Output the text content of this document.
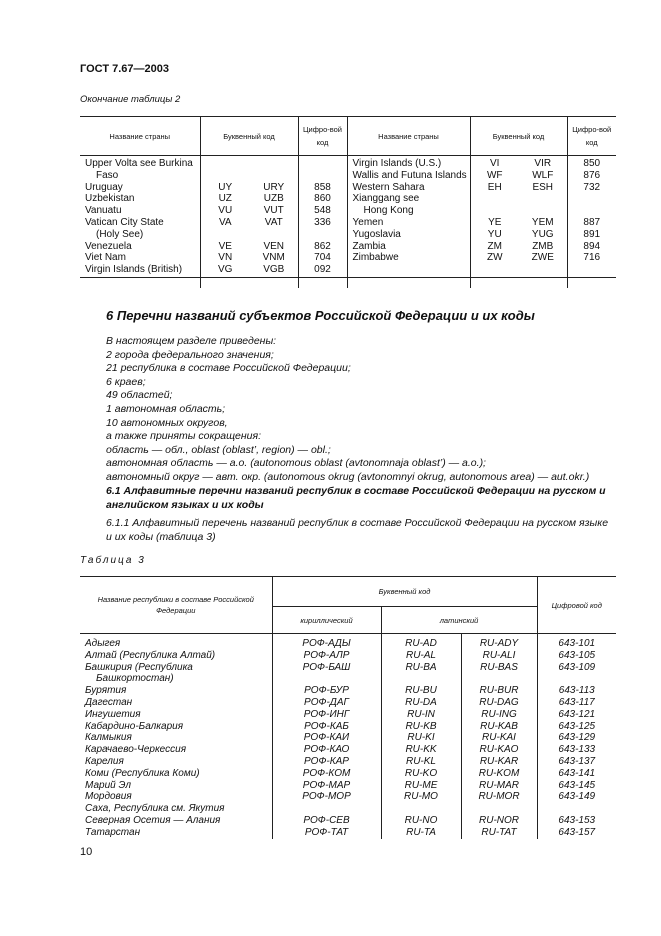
ГОСТ 7.67—2003
Окончание таблицы 2
Название страны	Буквенный код		Цифро-вой код	Название страны	Буквенный код		Цифро-вой код
Upper Volta see Burkina				Virgin Islands (U.S.)	VI	VIR	850
Faso				Wallis and Futuna Islands	WF	WLF	876
Uruguay	UY	URY	858	Western Sahara	EH	ESH	732
Uzbekistan	UZ	UZB	860	Xianggang see			
Vanuatu	VU	VUT	548	Hong Kong			
Vatican City State	VA	VAT	336	Yemen	YE	YEM	887
(Holy See)				Yugoslavia	YU	YUG	891
Venezuela	VE	VEN	862	Zambia	ZM	ZMB	894
Viet Nam	VN	VNM	704	Zimbabwe	ZW	ZWE	716
Virgin Islands (British)	VG	VGB	092				
6 Перечни названий субъектов Российской Федерации и их коды
В настоящем разделе приведены:
2 города федерального значения;
21 республика в составе Российской Федерации;
6 краев;
49 областей;
1 автономная область;
10 автономных округов,
а также приняты сокращения:
область — обл., oblast (oblast’, region) — obl.;
автономная область — а.о. (autonomous oblast (avtonomnaja oblast’) — a.o.);
автономный округ — авт. окр. (autonomous okrug (avtonomnyi okrug, autonomous area) — aut.okr.)
6.1 Алфавитные перечни названий республик в составе Российской Федерации на русском и английском языках и их коды
6.1.1 Алфавитный перечень названий республик в составе Российской Федерации на русском языке и их коды (таблица 3)
Таблица 3
Название республики в составе Российской Федерации	Буквенный код			Цифровой код
	кириллический	латинский		
Адыгея	РОФ-АДЫ	RU-AD	RU-ADY	643-101
Алтай (Республика Алтай)	РОФ-АЛР	RU-AL	RU-ALI	643-105
Башкирия (Республика	РОФ-БАШ	RU-BA	RU-BAS	643-109
Башкортостан)				
Бурятия	РОФ-БУР	RU-BU	RU-BUR	643-113
Дагестан	РОФ-ДАГ	RU-DA	RU-DAG	643-117
Ингушетия	РОФ-ИНГ	RU-IN	RU-ING	643-121
Кабардино-Балкария	РОФ-КАБ	RU-KB	RU-KAB	643-125
Калмыкия	РОФ-КАИ	RU-KI	RU-KAI	643-129
Карачаево-Черкессия	РОФ-КАО	RU-KK	RU-KAO	643-133
Карелия	РОФ-КАР	RU-KL	RU-KAR	643-137
Коми (Республика Коми)	РОФ-КОМ	RU-KO	RU-KOM	643-141
Марий Эл	РОФ-МАР	RU-ME	RU-MAR	643-145
Мордовия	РОФ-МОР	RU-MO	RU-MOR	643-149
Саха, Республика см. Якутия				
Северная Осетия — Алания	РОФ-СЕВ	RU-NO	RU-NOR	643-153
Татарстан	РОФ-ТАТ	RU-TA	RU-TAT	643-157
10
